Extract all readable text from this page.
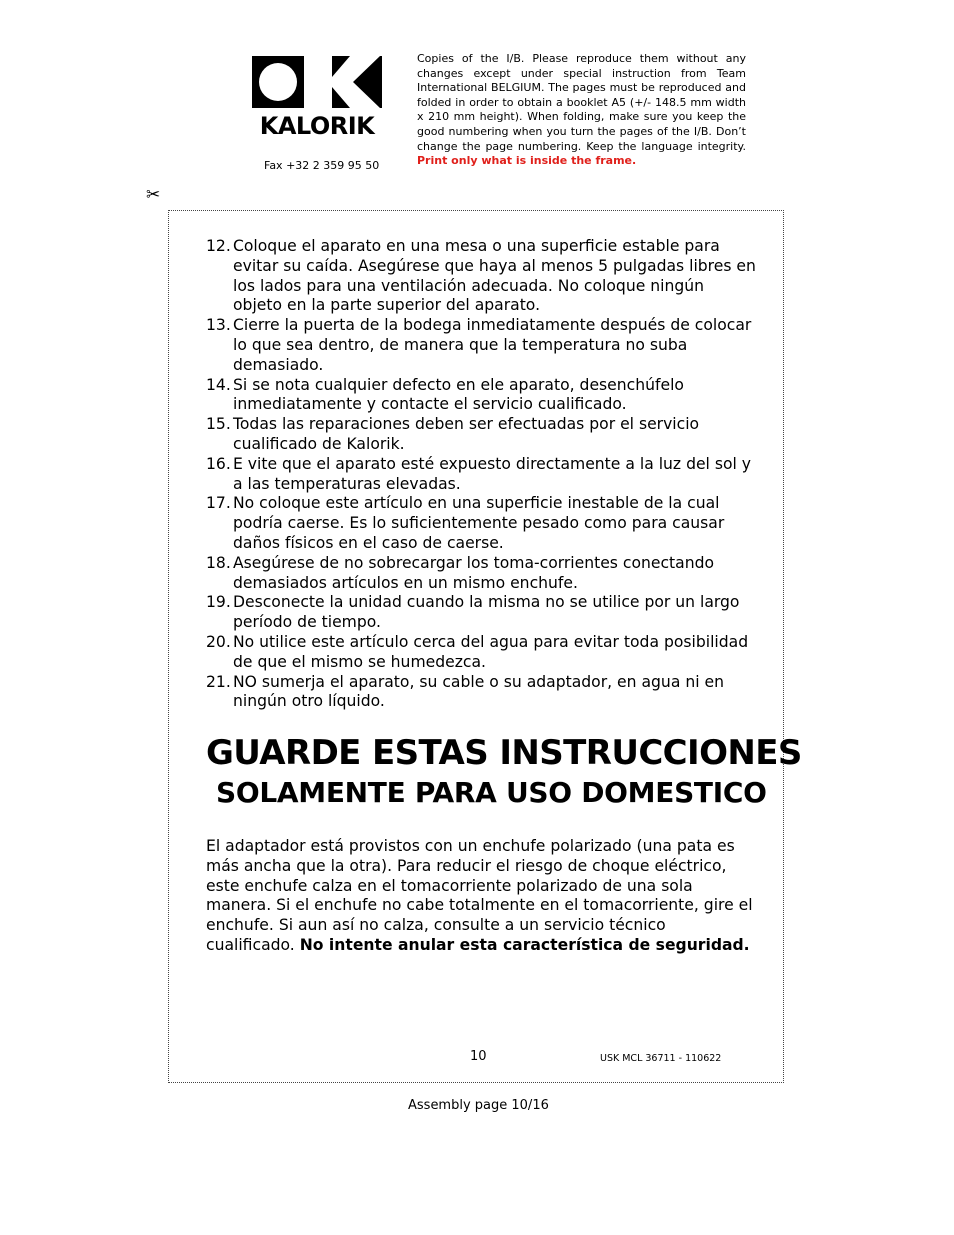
KALORIK
Fax +32 2 359 95 50
Copies of the I/B. Please reproduce them without any changes except under special instruction from Team International BELGIUM. The pages must be reproduced and folded in order to obtain a booklet A5 (+/- 148.5 mm width x 210 mm height). When folding, make sure you keep the good numbering when you turn the pages of the I/B. Don’t change the page numbering. Keep the language integrity. Print only what is inside the frame.
✂
12. Coloque el aparato en una mesa o una superficie estable para evitar su caída. Asegúrese que haya al menos 5 pulgadas libres en los lados para una ventilación adecuada. No coloque ningún objeto en la parte superior del aparato.
13. Cierre la puerta de la bodega inmediatamente después de colocar lo que sea dentro, de manera que la temperatura no suba demasiado.
14. Si se nota cualquier defecto en ele aparato, desenchúfelo inmediatamente y contacte el servicio cualificado.
15. Todas las reparaciones deben ser efectuadas por el servicio cualificado de Kalorik.
16. E vite que el aparato esté expuesto directamente a la luz del sol y a las temperaturas elevadas.
17. No coloque este artículo en una superficie inestable de la cual podría caerse. Es lo suficientemente pesado como para causar daños físicos en el caso de caerse.
18. Asegúrese de no sobrecargar los toma-corrientes conectando demasiados artículos en un mismo enchufe.
19. Desconecte la unidad cuando la misma no se utilice por un largo período de tiempo.
20. No utilice este artículo cerca del agua para evitar toda posibilidad de que el mismo se humedezca.
21. NO sumerja el aparato, su cable o su adaptador, en agua ni en ningún otro líquido.
GUARDE ESTAS INSTRUCCIONES
SOLAMENTE PARA USO DOMESTICO

El adaptador está provistos con un enchufe polarizado (una pata es más ancha que la otra). Para reducir el riesgo de choque eléctrico, este enchufe calza en el tomacorriente polarizado de una sola manera. Si el enchufe no cabe totalmente en el tomacorriente, gire el enchufe. Si aun así no calza, consulte a un servicio técnico cualificado. No intente anular esta característica de seguridad.

10	USK MCL 36711 - 110622
Assembly page 10/16
